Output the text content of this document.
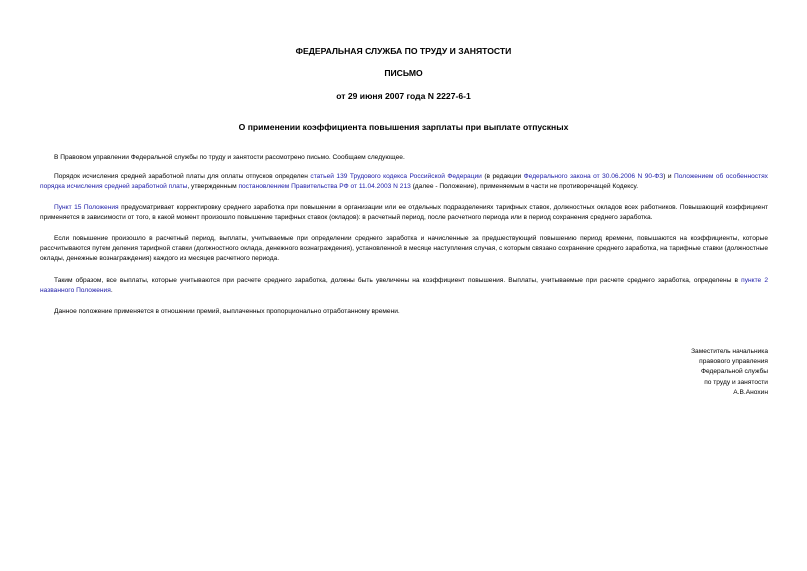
ФЕДЕРАЛЬНАЯ СЛУЖБА ПО ТРУДУ И ЗАНЯТОСТИ
ПИСЬМО
от 29 июня 2007 года N 2227-6-1
О применении коэффициента повышения зарплаты при выплате отпускных
В Правовом управлении Федеральной службы по труду и занятости рассмотрено письмо. Сообщаем следующее.
Порядок исчисления средней заработной платы для оплаты отпусков определен статьей 139 Трудового кодекса Российской Федерации (в редакции Федерального закона от 30.06.2006 N 90-ФЗ) и Положением об особенностях порядка исчисления средней заработной платы, утвержденным постановлением Правительства РФ от 11.04.2003 N 213 (далее - Положение), применяемым в части не противоречащей Кодексу.
Пункт 15 Положения предусматривает корректировку среднего заработка при повышении в организации или ее отдельных подразделениях тарифных ставок, должностных окладов всех работников. Повышающий коэффициент применяется в зависимости от того, в какой момент произошло повышение тарифных ставок (окладов): в расчетный период, после расчетного периода или в период сохранения среднего заработка.
Если повышение произошло в расчетный период, выплаты, учитываемые при определении среднего заработка и начисленные за предшествующий повышению период времени, повышаются на коэффициенты, которые рассчитываются путем деления тарифной ставки (должностного оклада, денежного вознаграждения), установленной в месяце наступления случая, с которым связано сохранение среднего заработка, на тарифные ставки (должностные оклады, денежные вознаграждения) каждого из месяцев расчетного периода.
Таким образом, все выплаты, которые учитываются при расчете среднего заработка, должны быть увеличены на коэффициент повышения. Выплаты, учитываемые при расчете среднего заработка, определены в пункте 2 названного Положения.
Данное положение применяется в отношении премий, выплаченных пропорционально отработанному времени.
Заместитель начальника
правового управления
Федеральной службы
по труду и занятости
А.В.Анохин
